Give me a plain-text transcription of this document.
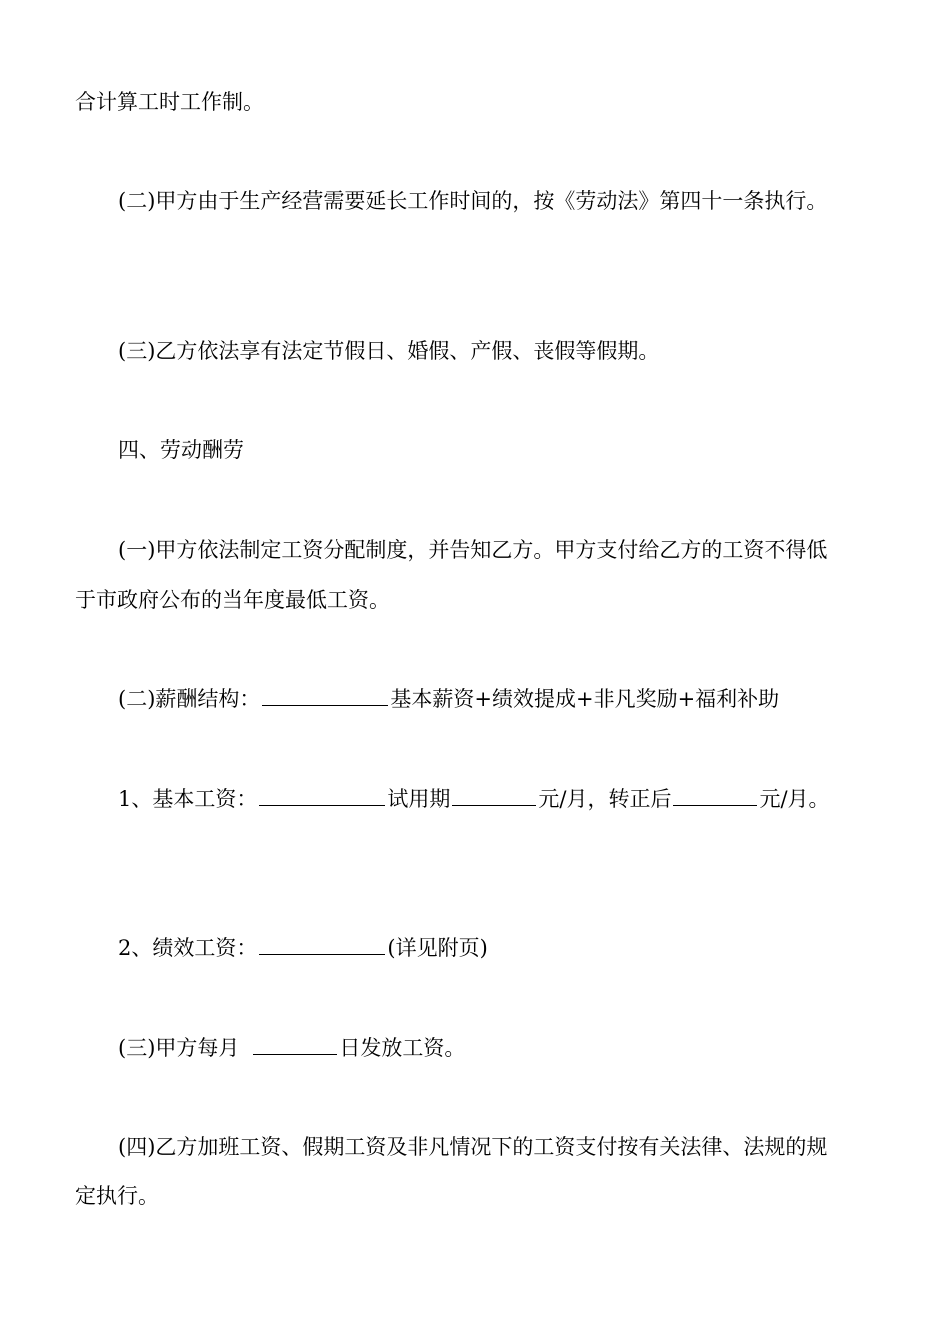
合计算工时工作制。
(二)甲方由于生产经营需要延长工作时间的，按《劳动法》第四十一条执行。
(三)乙方依法享有法定节假日、婚假、产假、丧假等假期。
四、劳动酬劳
(一)甲方依法制定工资分配制度，并告知乙方。甲方支付给乙方的工资不得低
于市政府公布的当年度最低工资。
(二)薪酬结构：	基本薪资+绩效提成+非凡奖励+福利补助
1、基本工资：	试用期	元/月，转正后	元/月。
2、绩效工资：	(详见附页)
(三)甲方每月	日发放工资。
(四)乙方加班工资、假期工资及非凡情况下的工资支付按有关法律、法规的规
定执行。
